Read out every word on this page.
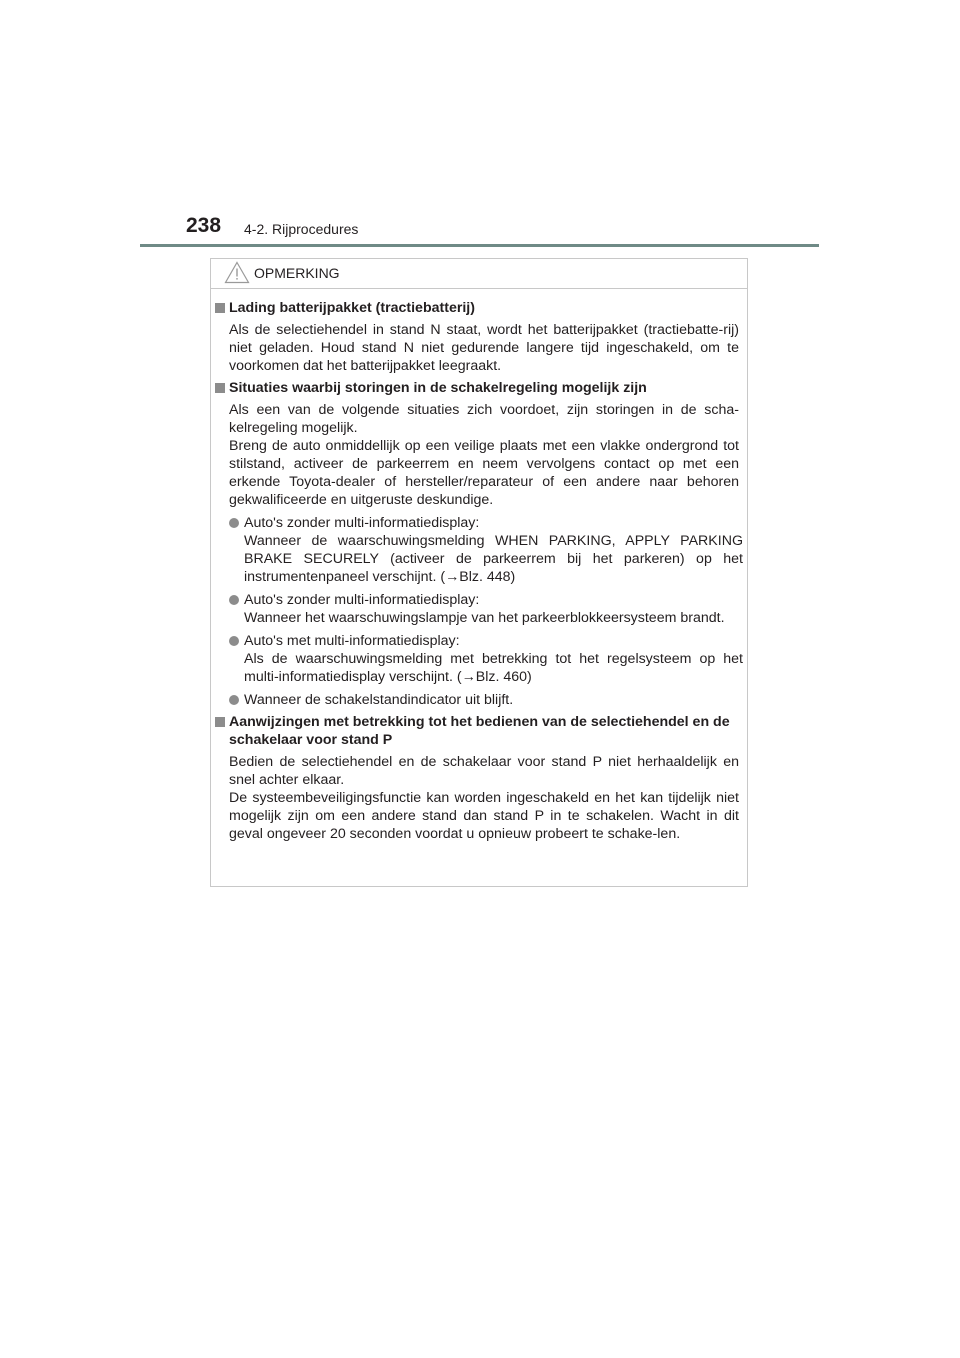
238 4-2. Rijprocedures
OPMERKING

Lading batterijpakket (tractiebatterij)

Als de selectiehendel in stand N staat, wordt het batterijpakket (tractiebatte-rij) niet geladen. Houd stand N niet gedurende langere tijd ingeschakeld, om te voorkomen dat het batterijpakket leegraakt.

Situaties waarbij storingen in de schakelregeling mogelijk zijn

Als een van de volgende situaties zich voordoet, zijn storingen in de scha-kelregeling mogelijk.

Breng de auto onmiddellijk op een veilige plaats met een vlakke ondergrond tot stilstand, activeer de parkeerrem en neem vervolgens contact op met een erkende Toyota-dealer of hersteller/reparateur of een andere naar behoren gekwalificeerde en uitgeruste deskundige.

Auto's zonder multi-informatiedisplay:
Wanneer de waarschuwingsmelding WHEN PARKING, APPLY PARKING BRAKE SECURELY (activeer de parkeerrem bij het parkeren) op het instrumentenpaneel verschijnt. (→Blz. 448)
Auto's zonder multi-informatiedisplay:
Wanneer het waarschuwingslampje van het parkeerblokkeersysteem brandt.
Auto's met multi-informatiedisplay:
Als de waarschuwingsmelding met betrekking tot het regelsysteem op het multi-informatiedisplay verschijnt. (→Blz. 460)
Wanneer de schakelstandindicator uit blijft.

Aanwijzingen met betrekking tot het bedienen van de selectiehendel en de schakelaar voor stand P

Bedien de selectiehendel en de schakelaar voor stand P niet herhaaldelijk en snel achter elkaar.

De systeembeveiligingsfunctie kan worden ingeschakeld en het kan tijdelijk niet mogelijk zijn om een andere stand dan stand P in te schakelen. Wacht in dit geval ongeveer 20 seconden voordat u opnieuw probeert te schake-len.
